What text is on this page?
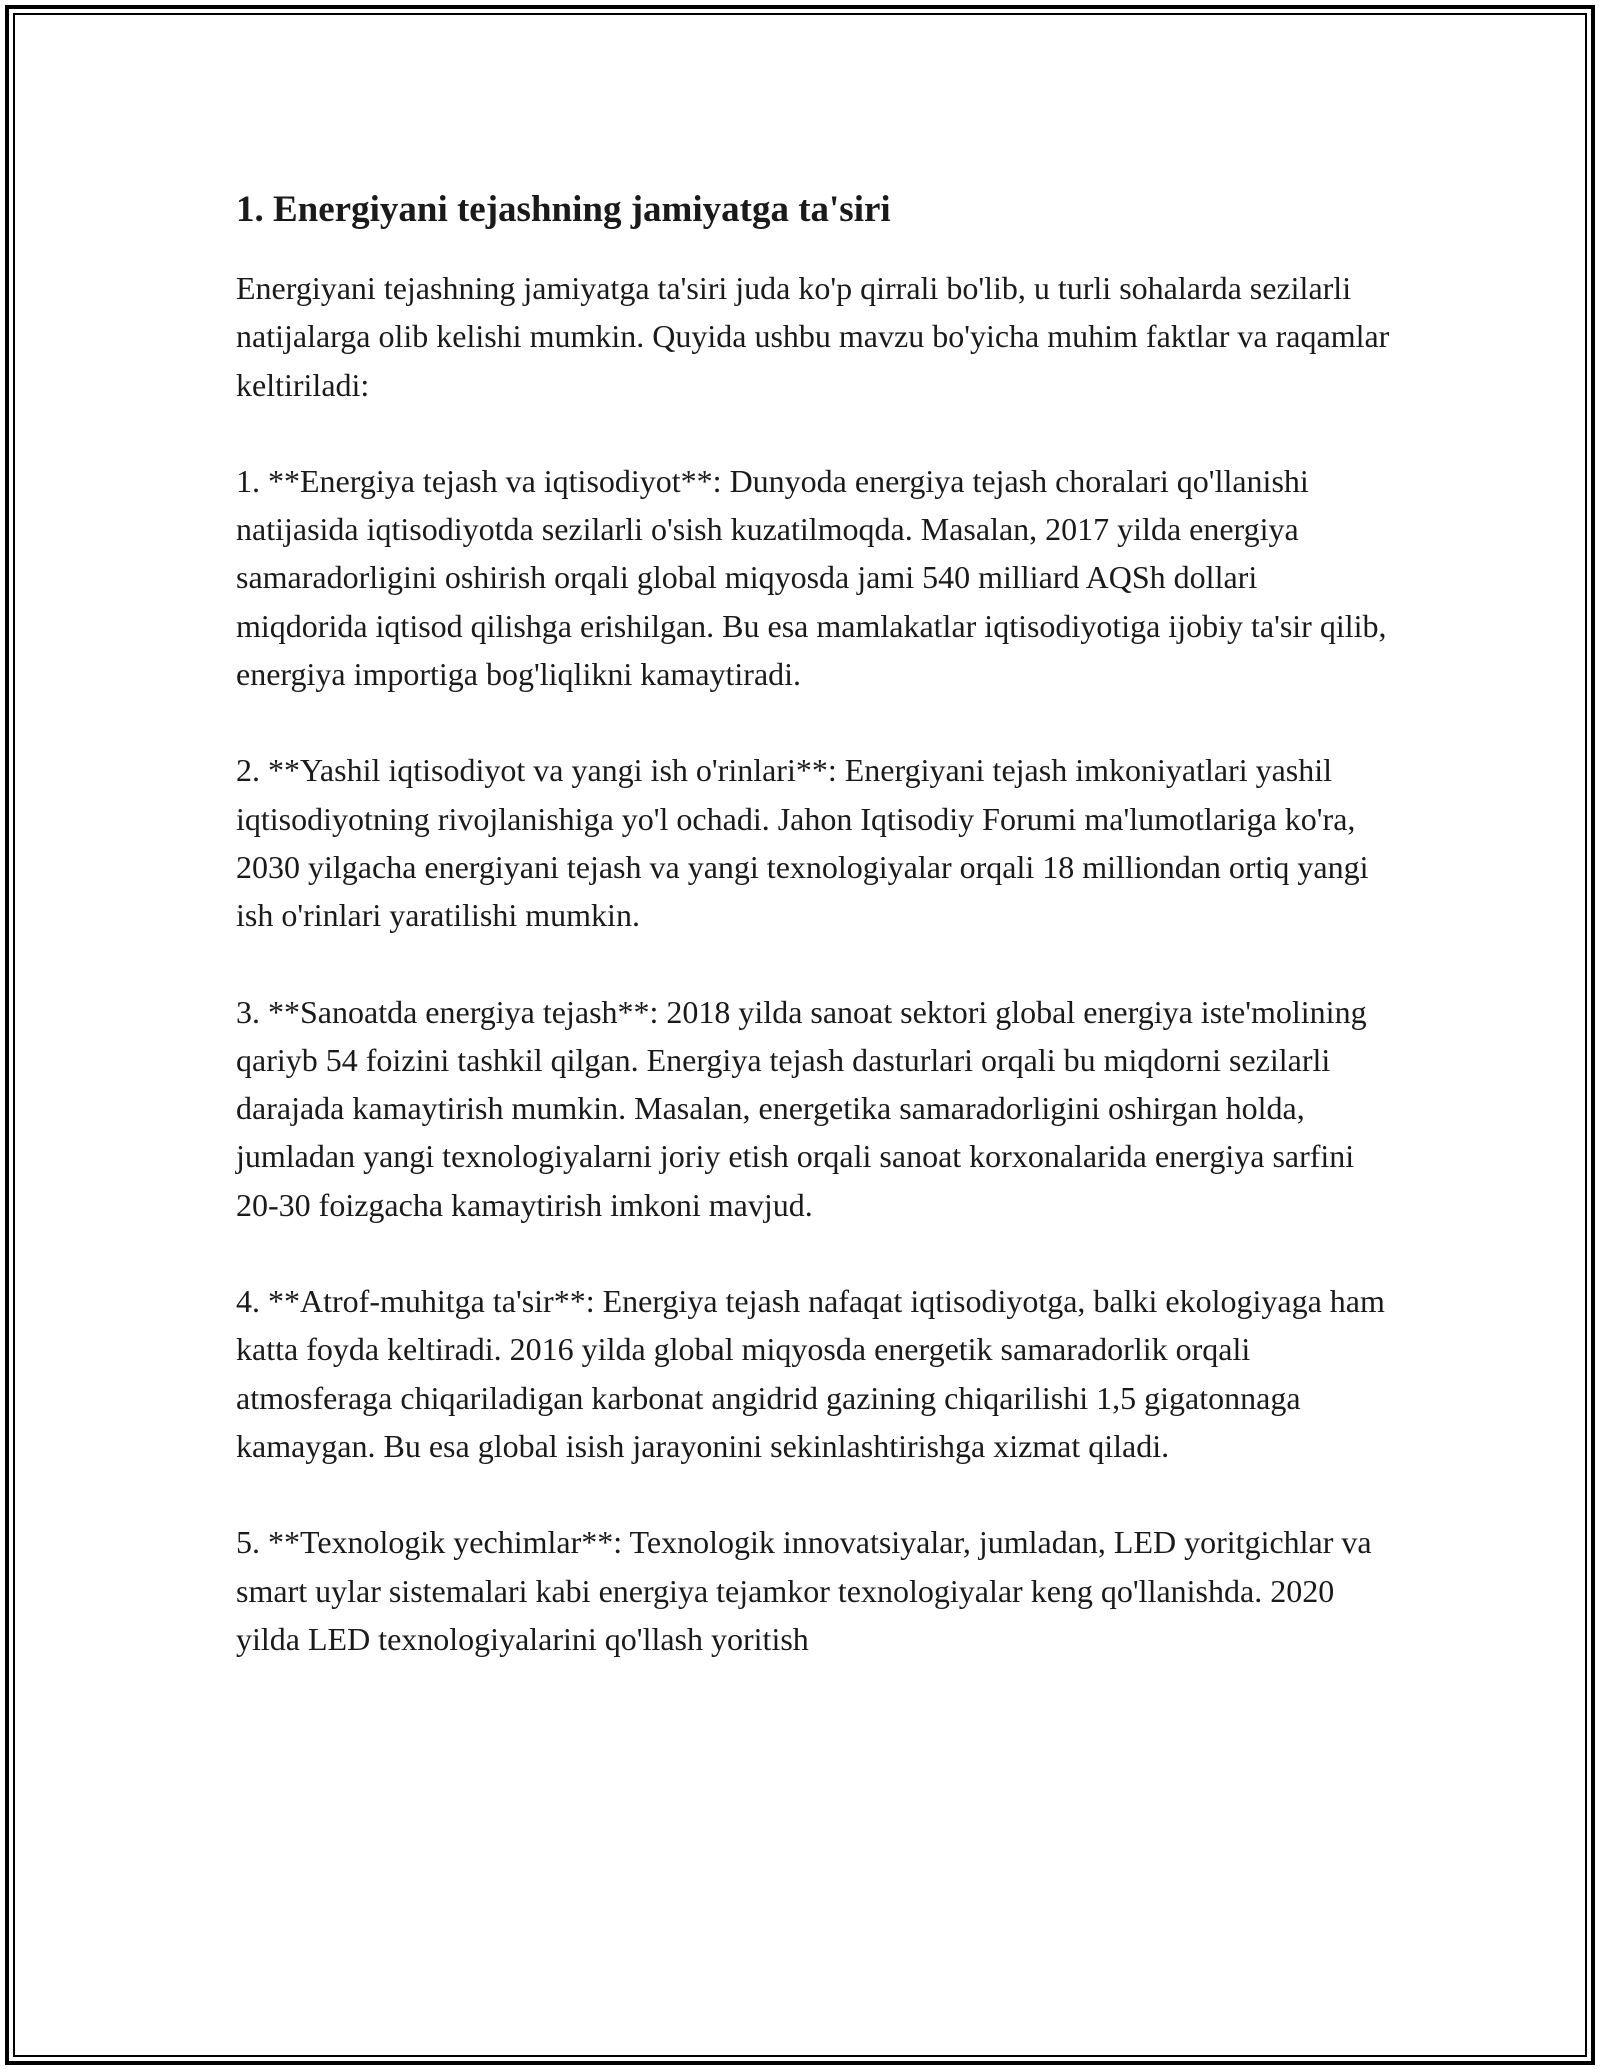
1. Energiyani tejashning jamiyatga ta'siri

Energiyani tejashning jamiyatga ta'siri juda ko'p qirrali bo'lib, u turli sohalarda sezilarli natijalarga olib kelishi mumkin. Quyida ushbu mavzu bo'yicha muhim faktlar va raqamlar keltiriladi:

1. **Energiya tejash va iqtisodiyot**: Dunyoda energiya tejash choralari qo'llanishi natijasida iqtisodiyotda sezilarli o'sish kuzatilmoqda. Masalan, 2017 yilda energiya samaradorligini oshirish orqali global miqyosda jami 540 milliard AQSh dollari miqdorida iqtisod qilishga erishilgan. Bu esa mamlakatlar iqtisodiyotiga ijobiy ta'sir qilib, energiya importiga bog'liqlikni kamaytiradi.

2. **Yashil iqtisodiyot va yangi ish o'rinlari**: Energiyani tejash imkoniyatlari yashil iqtisodiyotning rivojlanishiga yo'l ochadi. Jahon Iqtisodiy Forumi ma'lumotlariga ko'ra, 2030 yilgacha energiyani tejash va yangi texnologiyalar orqali 18 milliondan ortiq yangi ish o'rinlari yaratilishi mumkin.

3. **Sanoatda energiya tejash**: 2018 yilda sanoat sektori global energiya iste'molining qariyb 54 foizini tashkil qilgan. Energiya tejash dasturlari orqali bu miqdorni sezilarli darajada kamaytirish mumkin. Masalan, energetika samaradorligini oshirgan holda, jumladan yangi texnologiyalarni joriy etish orqali sanoat korxonalarida energiya sarfini 20-30 foizgacha kamaytirish imkoni mavjud.

4. **Atrof-muhitga ta'sir**: Energiya tejash nafaqat iqtisodiyotga, balki ekologiyaga ham katta foyda keltiradi. 2016 yilda global miqyosda energetik samaradorlik orqali atmosferaga chiqariladigan karbonat angidrid gazining chiqarilishi 1,5 gigatonnaga kamaygan. Bu esa global isish jarayonini sekinlashtirishga xizmat qiladi.

5. **Texnologik yechimlar**: Texnologik innovatsiyalar, jumladan, LED yoritgichlar va smart uylar sistemalari kabi energiya tejamkor texnologiyalar keng qo'llanishda. 2020 yilda LED texnologiyalarini qo'llash yoritish
